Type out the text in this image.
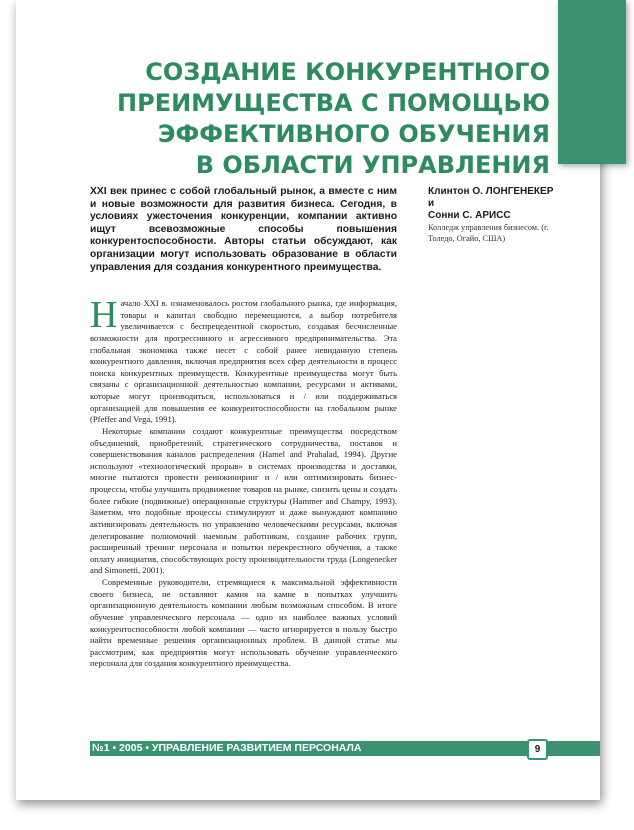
СОЗДАНИЕ КОНКУРЕНТНОГО
ПРЕИМУЩЕСТВА С ПОМОЩЬЮ
ЭФФЕКТИВНОГО ОБУЧЕНИЯ
В ОБЛАСТИ УПРАВЛЕНИЯ

XXI век принес с собой глобальный рынок, а вместе с ним и новые возможности для развития бизнеса. Сегодня, в условиях ужесточения конкуренции, компании активно ищут всевозможные способы повышения конкурентоспособности. Авторы статьи обсуждают, как организации могут использовать образование в области управления для создания конкурентного преимущества.

Клинтон О. ЛОНГЕНЕКЕР
и
Сонни С. АРИСС
Колледж управления бизнесом. (г. Толедо, Огайо, США)

Начало XXI в. ознаменовалось ростом глобального рынка, где информация, товары и капитал свободно перемещаются, а выбор потребителя увеличивается с беспрецедентной скоростью, создавая бесчисленные возможности для прогрессивного и агрессивного предпринимательства. Эта глобальная экономика также несет с собой ранее невиданную степень конкурентного давления, включая предприятия всех сфер деятельности в процесс поиска конкурентных преимуществ. Конкурентные преимущества могут быть связаны с организационной деятельностью компании, ресурсами и активами, которые могут производиться, использоваться и / или поддерживаться организацией для повышения ее конкурентоспособности на глобальном рынке (Pfeffer and Vega, 1991).

Некоторые компании создают конкурентные преимущества посредством объединений, приобретений, стратегического сотрудничества, поставок и совершенствования каналов распределения (Hamel and Prahalad, 1994). Другие используют «технологический прорыв» в системах производства и доставки, многие пытаются провести реинжиниринг и / или оптимизировать бизнес-процессы, чтобы улучшить продвижение товаров на рынке, снизить цены и создать более гибкие (подвижные) операционные структуры (Hammer and Champy, 1993). Заметим, что подобные процессы стимулируют и даже вынуждают компанию активизировать деятельность по управлению человеческими ресурсами, включая делегирование полномочий наемным работникам, создание рабочих групп, расширенный тренинг персонала и попытки перекрестного обучения, а также оплату инициатив, способствующих росту производительности труда (Longenecker and Simonetti, 2001).

Современные руководители, стремящиеся к максимальной эффективности своего бизнеса, не оставляют камня на камне в попытках улучшить организационную деятельность компании любым возможным способом. В итоге обучение управленческого персонала — одно из наиболее важных условий конкурентоспособности любой компании — часто игнорируется в пользу быстро найти временные решения организационных проблем. В данной статье мы рассмотрим, как предприятия могут использовать обучение управленческого персонала для создания конкурентного преимущества.

№1 • 2005 • УПРАВЛЕНИЕ РАЗВИТИЕМ ПЕРСОНАЛА	9
